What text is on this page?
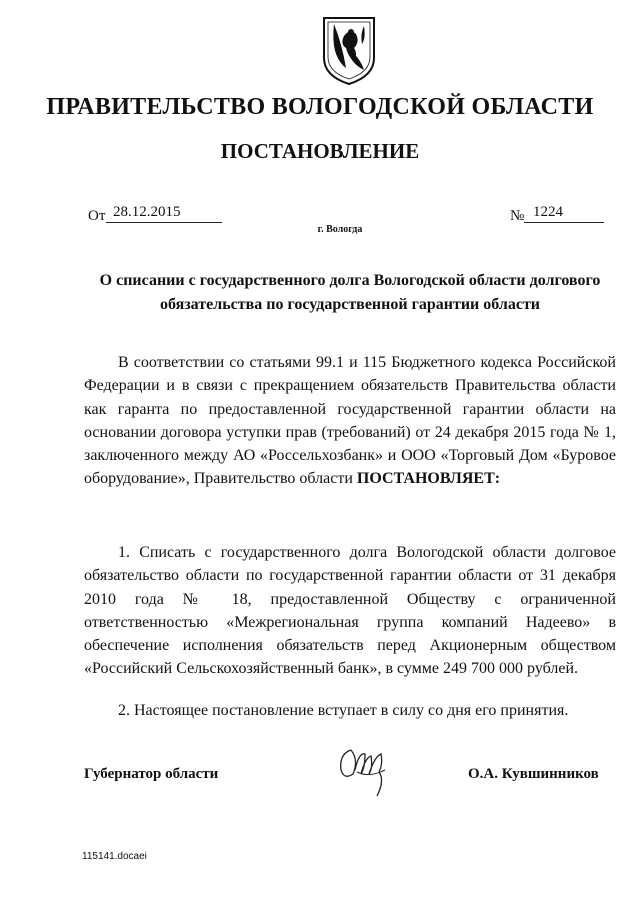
ПРАВИТЕЛЬСТВО ВОЛОГОДСКОЙ ОБЛАСТИ
ПОСТАНОВЛЕНИЕ
От 28.12.2015	№ 1224
г. Вологда
О списании с государственного долга Вологодской области долгового обязательства по государственной гарантии области
В соответствии со статьями 99.1 и 115 Бюджетного кодекса Российской Федерации и в связи с прекращением обязательств Правительства области как гаранта по предоставленной государственной гарантии области на основании договора уступки прав (требований) от 24 декабря 2015 года № 1, заключенного между АО «Россельхозбанк» и ООО «Торговый Дом «Буровое оборудование», Правительство области ПОСТАНОВЛЯЕТ:
1. Списать с государственного долга Вологодской области долговое обязательство области по государственной гарантии области от 31 декабря 2010 года № 18, предоставленной Обществу с ограниченной ответственностью «Межрегиональная группа компаний Надеево» в обеспечение исполнения обязательств перед Акционерным обществом «Российский Сельскохозяйственный банк», в сумме 249 700 000 рублей.
2. Настоящее постановление вступает в силу со дня его принятия.
Губернатор области	О.А. Кувшинников
115141.docaei
